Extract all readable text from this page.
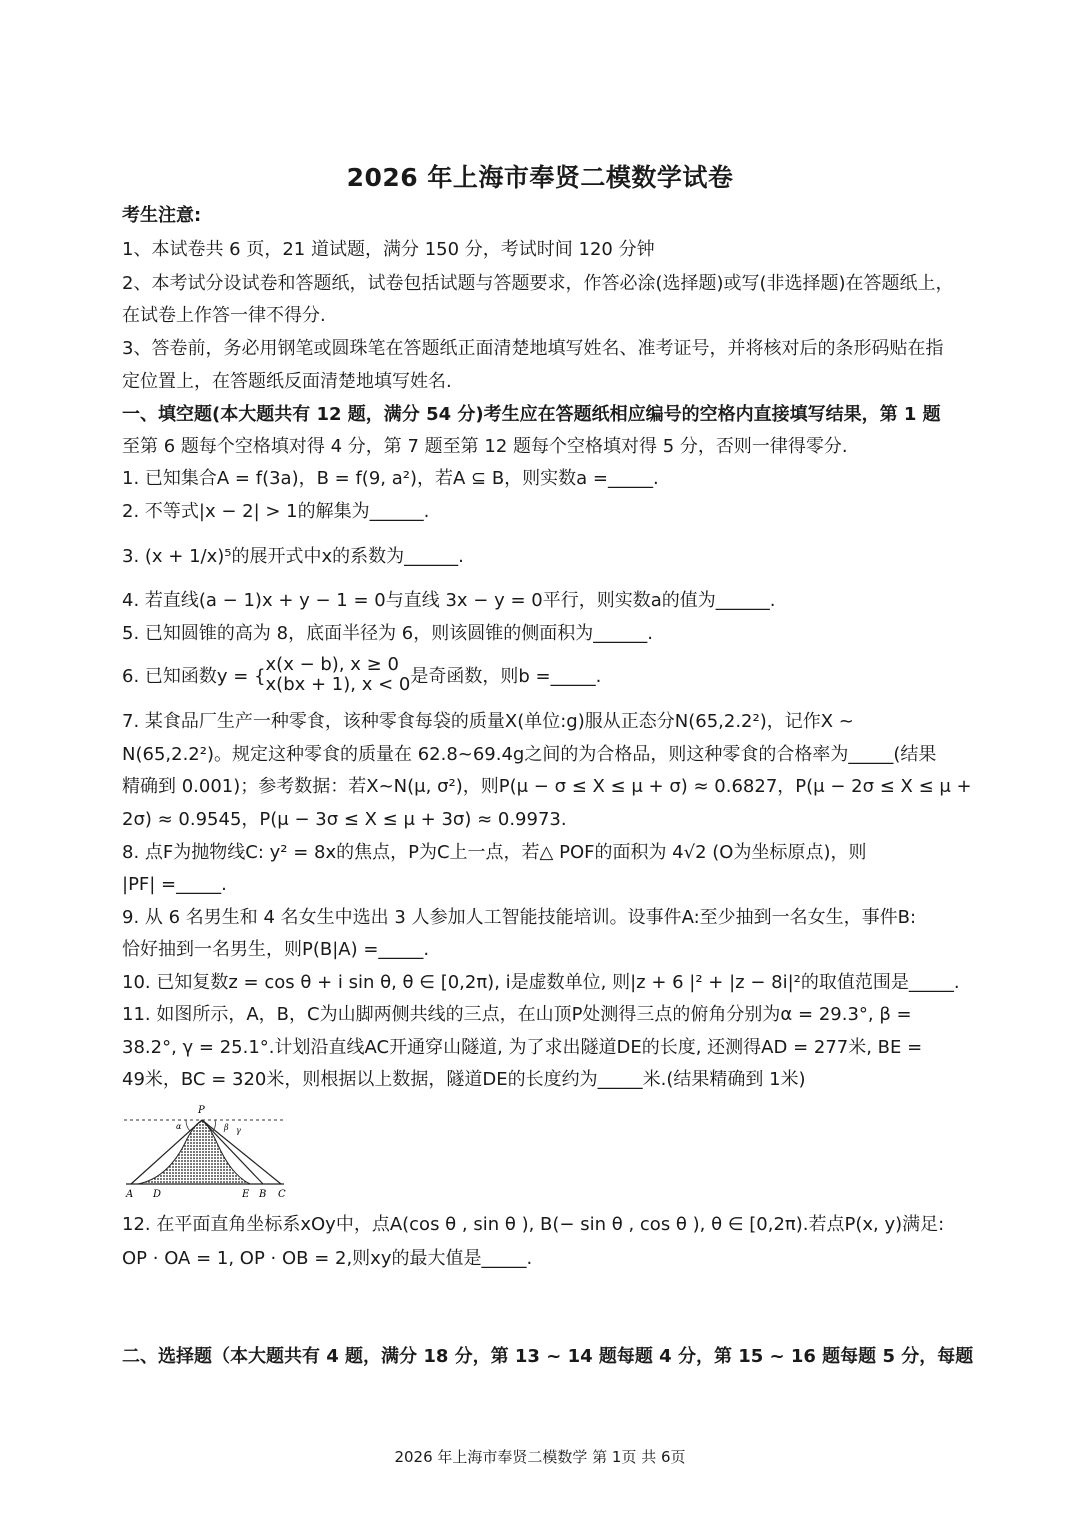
2026 年上海市奉贤二模数学试卷
考生注意:
1、本试卷共 6 页，21 道试题，满分 150 分，考试时间 120 分钟
2、本考试分设试卷和答题纸，试卷包括试题与答题要求，作答必涂(选择题)或写(非选择题)在答题纸上，
在试卷上作答一律不得分.
3、答卷前，务必用钢笔或圆珠笔在答题纸正面清楚地填写姓名、准考证号，并将核对后的条形码贴在指
定位置上，在答题纸反面清楚地填写姓名.
一、填空题(本大题共有 12 题，满分 54 分)考生应在答题纸相应编号的空格内直接填写结果，第 1 题
至第 6 题每个空格填对得 4 分，第 7 题至第 12 题每个空格填对得 5 分，否则一律得零分.
1. 已知集合A = f(3a)，B = f(9, a²)，若A ⊆ B，则实数a =_____.
2. 不等式|x − 2| > 1的解集为______.
3. (x + 1/x)⁵的展开式中x的系数为______.
4. 若直线(a − 1)x + y − 1 = 0与直线 3x − y = 0平行，则实数a的值为______.
5. 已知圆锥的高为 8，底面半径为 6，则该圆锥的侧面积为______.
6. 已知函数y = {
x(x − b), x ≥ 0
x(bx + 1), x < 0 是奇函数，则b =_____.
7. 某食品厂生产一种零食，该种零食每袋的质量X(单位:g)服从正态分N(65,2.2²)，记作X ~
N(65,2.2²)。规定这种零食的质量在 62.8~69.4g之间的为合格品，则这种零食的合格率为_____(结果
精确到 0.001)；参考数据：若X~N(μ, σ²)，则P(μ − σ ≤ X ≤ μ + σ) ≈ 0.6827，P(μ − 2σ ≤ X ≤ μ +
2σ) ≈ 0.9545，P(μ − 3σ ≤ X ≤ μ + 3σ) ≈ 0.9973.
8. 点F为抛物线C: y² = 8x的焦点，P为C上一点，若△ POF的面积为 4√2 (O为坐标原点)，则
|PF| =_____.
9. 从 6 名男生和 4 名女生中选出 3 人参加人工智能技能培训。设事件A:至少抽到一名女生，事件B:
恰好抽到一名男生，则P(B|A) =_____.
10. 已知复数z = cos θ + i sin θ, θ ∈ [0,2π), i是虚数单位, 则|z + 6 |² + |z − 8i|²的取值范围是_____.
11. 如图所示，A，B，C为山脚两侧共线的三点，在山顶P处测得三点的俯角分别为α = 29.3°, β =
38.2°, γ = 25.1°.计划沿直线AC开通穿山隧道, 为了求出隧道DE的长度, 还测得AD = 277米, BE =
49米，BC = 320米，则根据以上数据，隧道DE的长度约为_____米.(结果精确到 1米)
P
α	β γ
A D	E B C
12. 在平面直角坐标系xOy中，点A(cos θ , sin θ ), B(− sin θ , cos θ ), θ ∈ [0,2π).若点P(x, y)满足:
OP · OA = 1, OP · OB = 2,则xy的最大值是_____.
二、选择题（本大题共有 4 题，满分 18 分，第 13 ~ 14 题每题 4 分，第 15 ~ 16 题每题 5 分，每题
2026 年上海市奉贤二模数学 第 1页 共 6页
